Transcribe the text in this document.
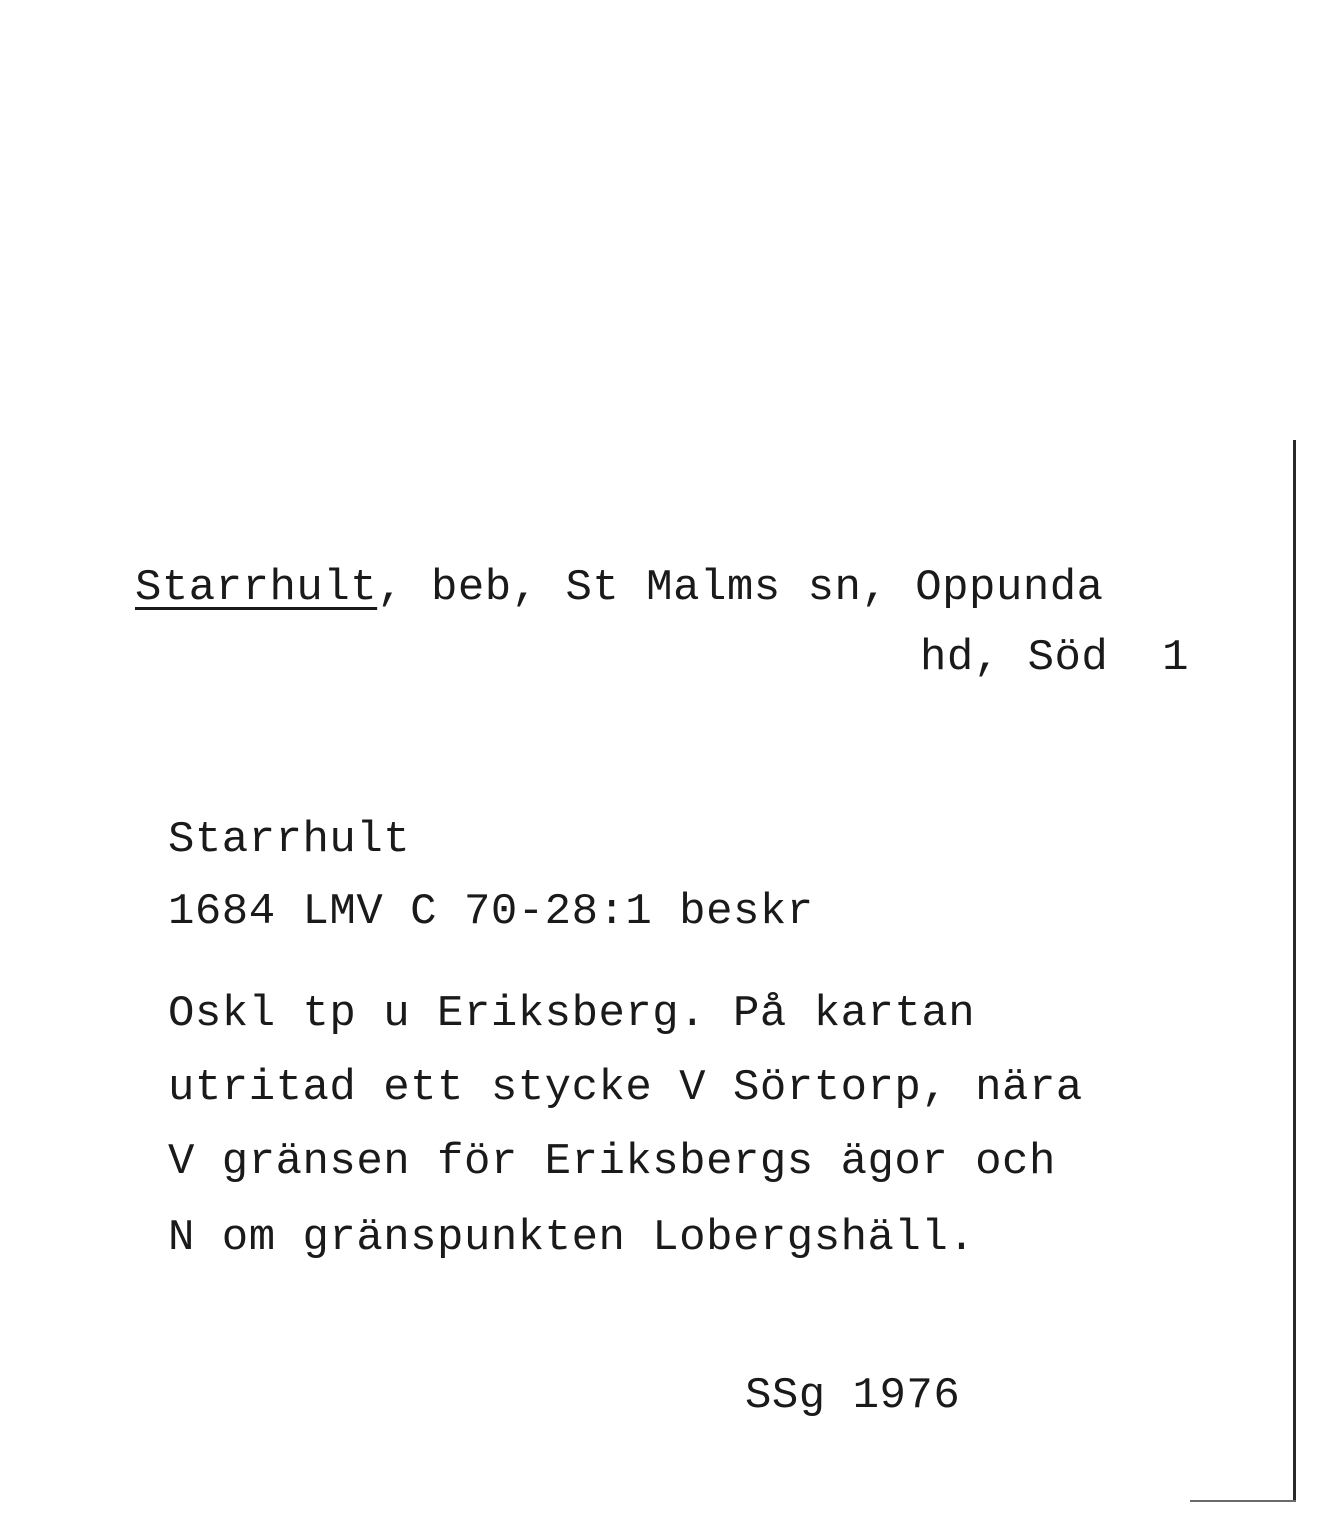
Starrhult, beb, St Malms sn, Oppunda
hd, Söd  1
Starrhult
1684 LMV C 70-28:1 beskr
Oskl tp u Eriksberg. På kartan
utritad ett stycke V Sörtorp, nära
V gränsen för Eriksbergs ägor och
N om gränspunkten Lobergshäll.
SSg 1976
